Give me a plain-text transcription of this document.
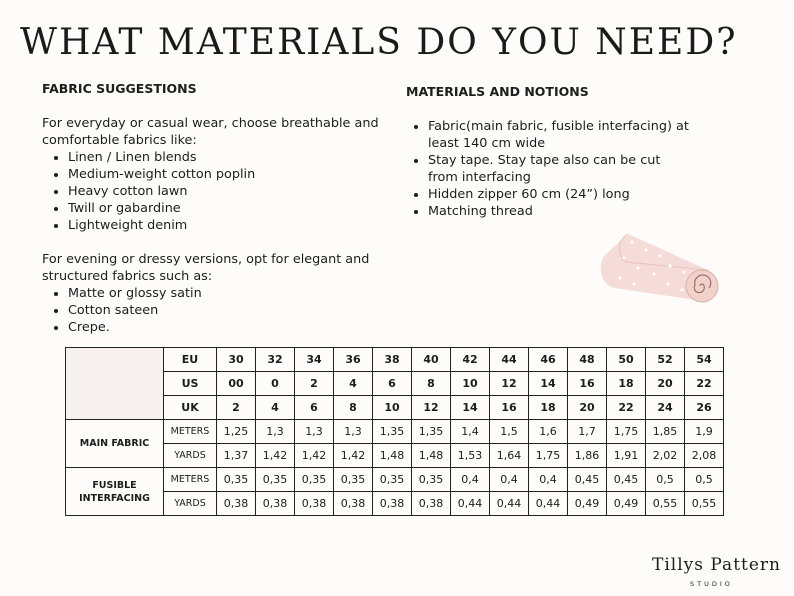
WHAT MATERIALS DO YOU NEED?
FABRIC SUGGESTIONS

For everyday or casual wear, choose breathable and comfortable fabrics like:

• Linen / Linen blends
• Medium-weight cotton poplin
• Heavy cotton lawn
• Twill or gabardine
• Lightweight denim

For evening or dressy versions, opt for elegant and structured fabrics such as:

• Matte or glossy satin
• Cotton sateen
• Crepe.
MATERIALS AND NOTIONS
• Fabric(main fabric, fusible interfacing) at least 140 cm wide
• Stay tape. Stay tape also can be cut from interfacing
• Hidden zipper 60 cm (24”) long
• Matching thread
	EU	30	32	34	36	38	40	42	44	46	48	50	52	54
	US	00	0	2	4	6	8	10	12	14	16	18	20	22
	UK	2	4	6	8	10	12	14	16	18	20	22	24	26
MAIN FABRIC	METERS	1,25	1,3	1,3	1,3	1,35	1,35	1,4	1,5	1,6	1,7	1,75	1,85	1,9
	YARDS	1,37	1,42	1,42	1,42	1,48	1,48	1,53	1,64	1,75	1,86	1,91	2,02	2,08
FUSIBLE INTERFACING	METERS	0,35	0,35	0,35	0,35	0,35	0,35	0,4	0,4	0,4	0,45	0,45	0,5	0,5
	YARDS	0,38	0,38	0,38	0,38	0,38	0,38	0,44	0,44	0,44	0,49	0,49	0,55	0,55
Tillys Pattern
STUDIO
